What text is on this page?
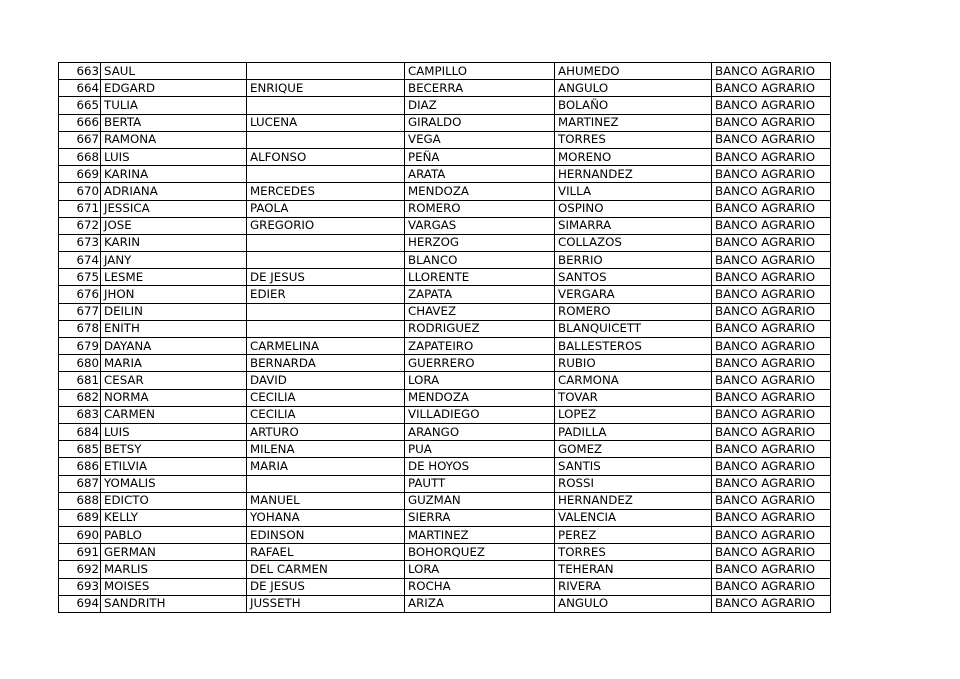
663	SAUL		CAMPILLO	AHUMEDO	BANCO AGRARIO
664	EDGARD	ENRIQUE	BECERRA	ANGULO	BANCO AGRARIO
665	TULIA		DIAZ	BOLAÑO	BANCO AGRARIO
666	BERTA	LUCENA	GIRALDO	MARTINEZ	BANCO AGRARIO
667	RAMONA		VEGA	TORRES	BANCO AGRARIO
668	LUIS	ALFONSO	PEÑA	MORENO	BANCO AGRARIO
669	KARINA		ARATA	HERNANDEZ	BANCO AGRARIO
670	ADRIANA	MERCEDES	MENDOZA	VILLA	BANCO AGRARIO
671	JESSICA	PAOLA	ROMERO	OSPINO	BANCO AGRARIO
672	JOSE	GREGORIO	VARGAS	SIMARRA	BANCO AGRARIO
673	KARIN		HERZOG	COLLAZOS	BANCO AGRARIO
674	JANY		BLANCO	BERRIO	BANCO AGRARIO
675	LESME	DE JESUS	LLORENTE	SANTOS	BANCO AGRARIO
676	JHON	EDIER	ZAPATA	VERGARA	BANCO AGRARIO
677	DEILIN		CHAVEZ	ROMERO	BANCO AGRARIO
678	ENITH		RODRIGUEZ	BLANQUICETT	BANCO AGRARIO
679	DAYANA	CARMELINA	ZAPATEIRO	BALLESTEROS	BANCO AGRARIO
680	MARIA	BERNARDA	GUERRERO	RUBIO	BANCO AGRARIO
681	CESAR	DAVID	LORA	CARMONA	BANCO AGRARIO
682	NORMA	CECILIA	MENDOZA	TOVAR	BANCO AGRARIO
683	CARMEN	CECILIA	VILLADIEGO	LOPEZ	BANCO AGRARIO
684	LUIS	ARTURO	ARANGO	PADILLA	BANCO AGRARIO
685	BETSY	MILENA	PUA	GOMEZ	BANCO AGRARIO
686	ETILVIA	MARIA	DE HOYOS	SANTIS	BANCO AGRARIO
687	YOMALIS		PAUTT	ROSSI	BANCO AGRARIO
688	EDICTO	MANUEL	GUZMAN	HERNANDEZ	BANCO AGRARIO
689	KELLY	YOHANA	SIERRA	VALENCIA	BANCO AGRARIO
690	PABLO	EDINSON	MARTINEZ	PEREZ	BANCO AGRARIO
691	GERMAN	RAFAEL	BOHORQUEZ	TORRES	BANCO AGRARIO
692	MARLIS	DEL CARMEN	LORA	TEHERAN	BANCO AGRARIO
693	MOISES	DE JESUS	ROCHA	RIVERA	BANCO AGRARIO
694	SANDRITH	JUSSETH	ARIZA	ANGULO	BANCO AGRARIO
